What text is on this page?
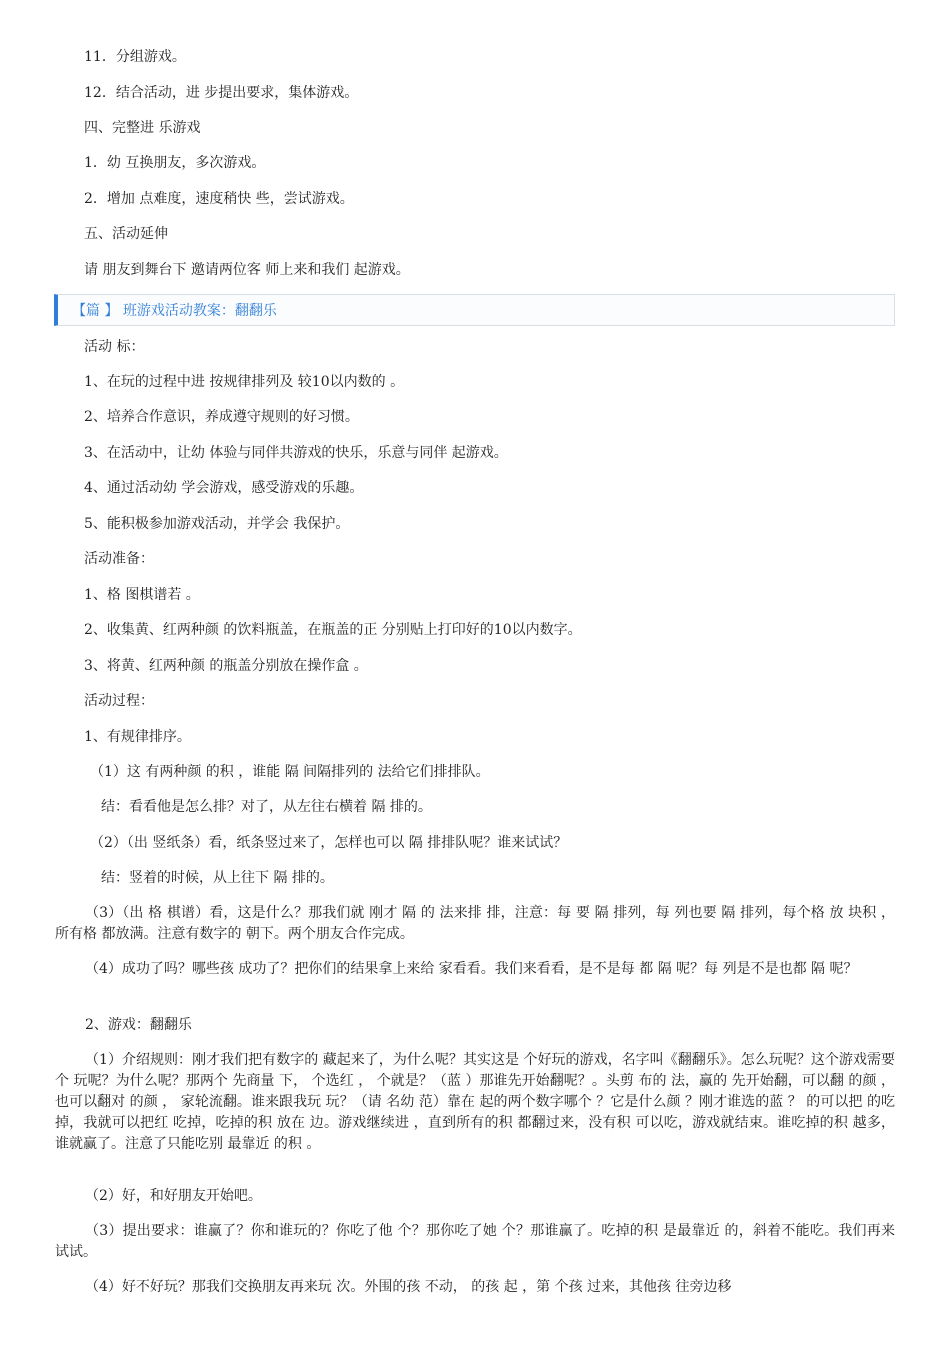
11．分组游戏。

12．结合活动，进 步提出要求，集体游戏。

四、完整进 乐游戏

1．幼 互换朋友，多次游戏。

2．增加 点难度，速度稍快 些，尝试游戏。

五、活动延伸

请 朋友到舞台下 邀请两位客 师上来和我们 起游戏。

【篇 】 班游戏活动教案：翻翻乐

活动 标：

1、在玩的过程中进 按规律排列及 较10以内数的 。

2、培养合作意识，养成遵守规则的好习惯。

3、在活动中，让幼 体验与同伴共游戏的快乐，乐意与同伴 起游戏。

4、通过活动幼 学会游戏，感受游戏的乐趣。

5、能积极参加游戏活动，并学会 我保护。

活动准备：

1、格 图棋谱若 。

2、收集黄、红两种颜 的饮料瓶盖，在瓶盖的正 分别贴上打印好的10以内数字。

3、将黄、红两种颜 的瓶盖分别放在操作盒 。

活动过程：

1、有规律排序。

（1）这 有两种颜 的积 ，谁能 隔 间隔排列的 法给它们排排队。

结：看看他是怎么排？对了，从左往右横着 隔 排的。

（2）（出 竖纸条）看，纸条竖过来了，怎样也可以 隔 排排队呢？谁来试试？

结：竖着的时候，从上往下 隔 排的。

（3）（出 格 棋谱）看，这是什么？那我们就 刚才 隔 的 法来排 排，注意：每 要 隔 排列，每 列也要 隔 排列，每个格 放 块积 ，所有格 都放满。注意有数字的 朝下。两个朋友合作完成。

（4）成功了吗？哪些孩 成功了？把你们的结果拿上来给 家看看。我们来看看，是不是每 都 隔 呢？每 列是不是也都 隔 呢？

2、游戏：翻翻乐

（1）介绍规则：刚才我们把有数字的 藏起来了，为什么呢？其实这是 个好玩的游戏，名字叫《翻翻乐》。怎么玩呢？这个游戏需要 个 玩呢？为什么呢？那两个 先商量 下， 个选红 ， 个就是？（蓝 ）那谁先开始翻呢？。头剪 布的 法，赢的 先开始翻，可以翻 的颜 ，也可以翻对 的颜 ， 家轮流翻。谁来跟我玩 玩？（请 名幼 范）靠在 起的两个数字哪个 ？它是什么颜 ？刚才谁选的蓝 ？ 的可以把 的吃掉，我就可以把红 吃掉，吃掉的积 放在 边。游戏继续进 ，直到所有的积 都翻过来，没有积 可以吃，游戏就结束。谁吃掉的积 越多，谁就赢了。注意了只能吃别 最靠近 的积 。

（2）好，和好朋友开始吧。

（3）提出要求：谁赢了？你和谁玩的？你吃了他 个？那你吃了她 个？那谁赢了。吃掉的积 是最靠近 的，斜着不能吃。我们再来试试。

（4）好不好玩？那我们交换朋友再来玩 次。外围的孩 不动， 的孩 起 ，第 个孩 过来，其他孩 往旁边移
